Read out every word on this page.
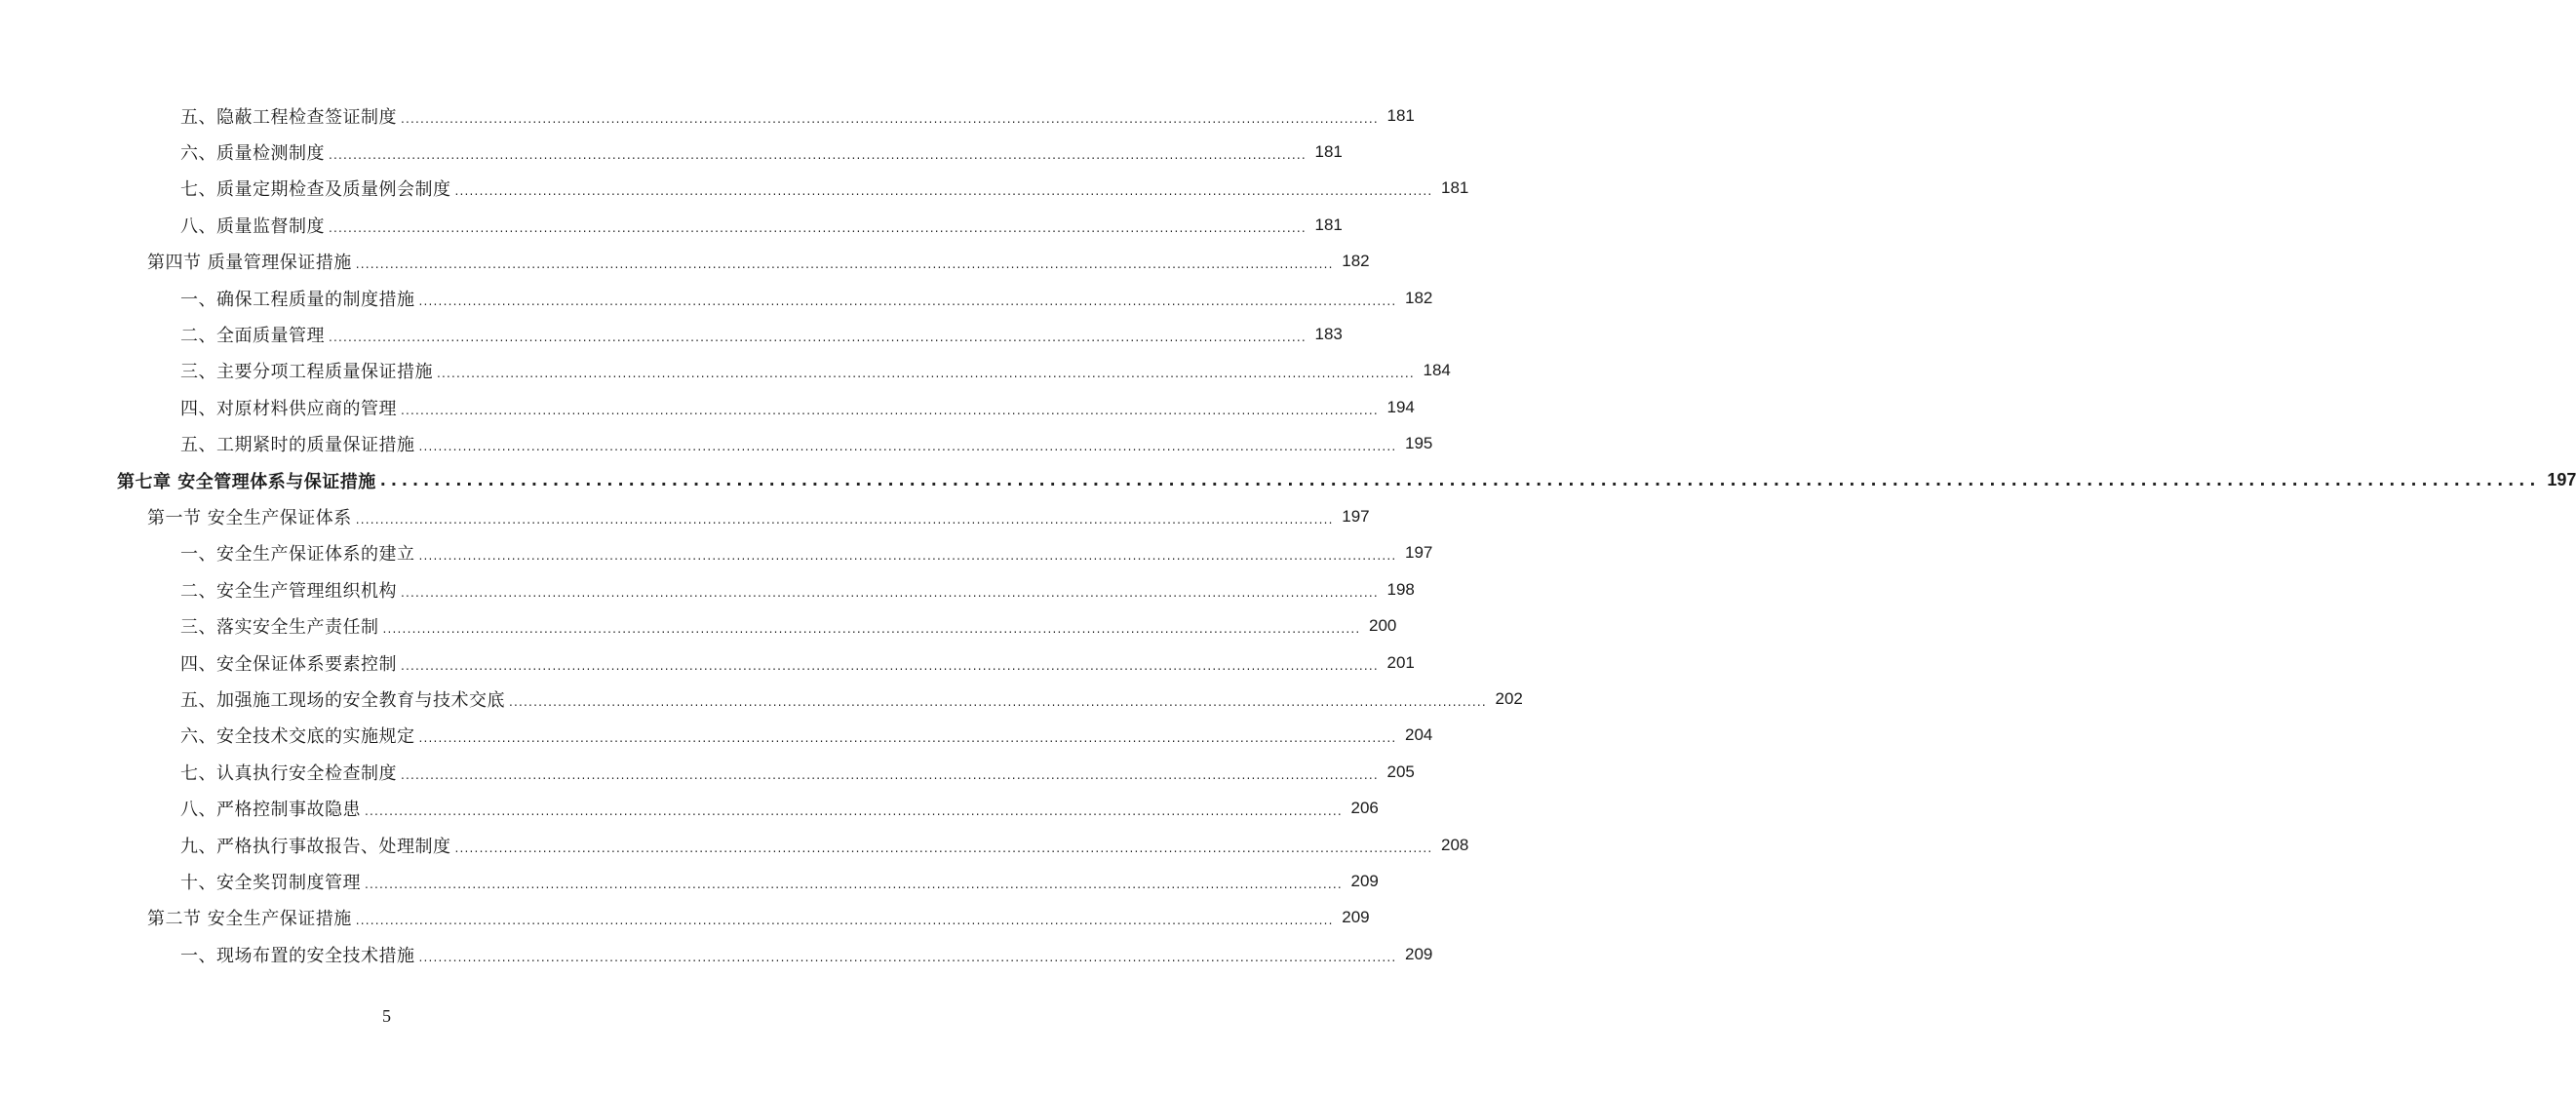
五、隐蔽工程检查签证制度 ........................................................................................................................................................................................................ 181
六、质量检测制度 ........................................................................................................................................................................................................ 181
七、质量定期检查及质量例会制度 ........................................................................................................................................................................................................ 181
八、质量监督制度 ........................................................................................................................................................................................................ 181
第四节 质量管理保证措施 ........................................................................................................................................................................................................ 182
一、确保工程质量的制度措施 ........................................................................................................................................................................................................ 182
二、全面质量管理 ........................................................................................................................................................................................................ 183
三、主要分项工程质量保证措施 ........................................................................................................................................................................................................ 184
四、对原材料供应商的管理 ........................................................................................................................................................................................................ 194
五、工期紧时的质量保证措施 ........................................................................................................................................................................................................ 195
第七章 安全管理体系与保证措施 ........................................................................................................................................................................................................ 197
第一节 安全生产保证体系 ........................................................................................................................................................................................................ 197
一、安全生产保证体系的建立 ........................................................................................................................................................................................................ 197
二、安全生产管理组织机构 ........................................................................................................................................................................................................ 198
三、落实安全生产责任制 ........................................................................................................................................................................................................ 200
四、安全保证体系要素控制 ........................................................................................................................................................................................................ 201
五、加强施工现场的安全教育与技术交底 ........................................................................................................................................................................................................ 202
六、安全技术交底的实施规定 ........................................................................................................................................................................................................ 204
七、认真执行安全检查制度 ........................................................................................................................................................................................................ 205
八、严格控制事故隐患 ........................................................................................................................................................................................................ 206
九、严格执行事故报告、处理制度 ........................................................................................................................................................................................................ 208
十、安全奖罚制度管理 ........................................................................................................................................................................................................ 209
第二节 安全生产保证措施 ........................................................................................................................................................................................................ 209
一、现场布置的安全技术措施 ........................................................................................................................................................................................................ 209
5
